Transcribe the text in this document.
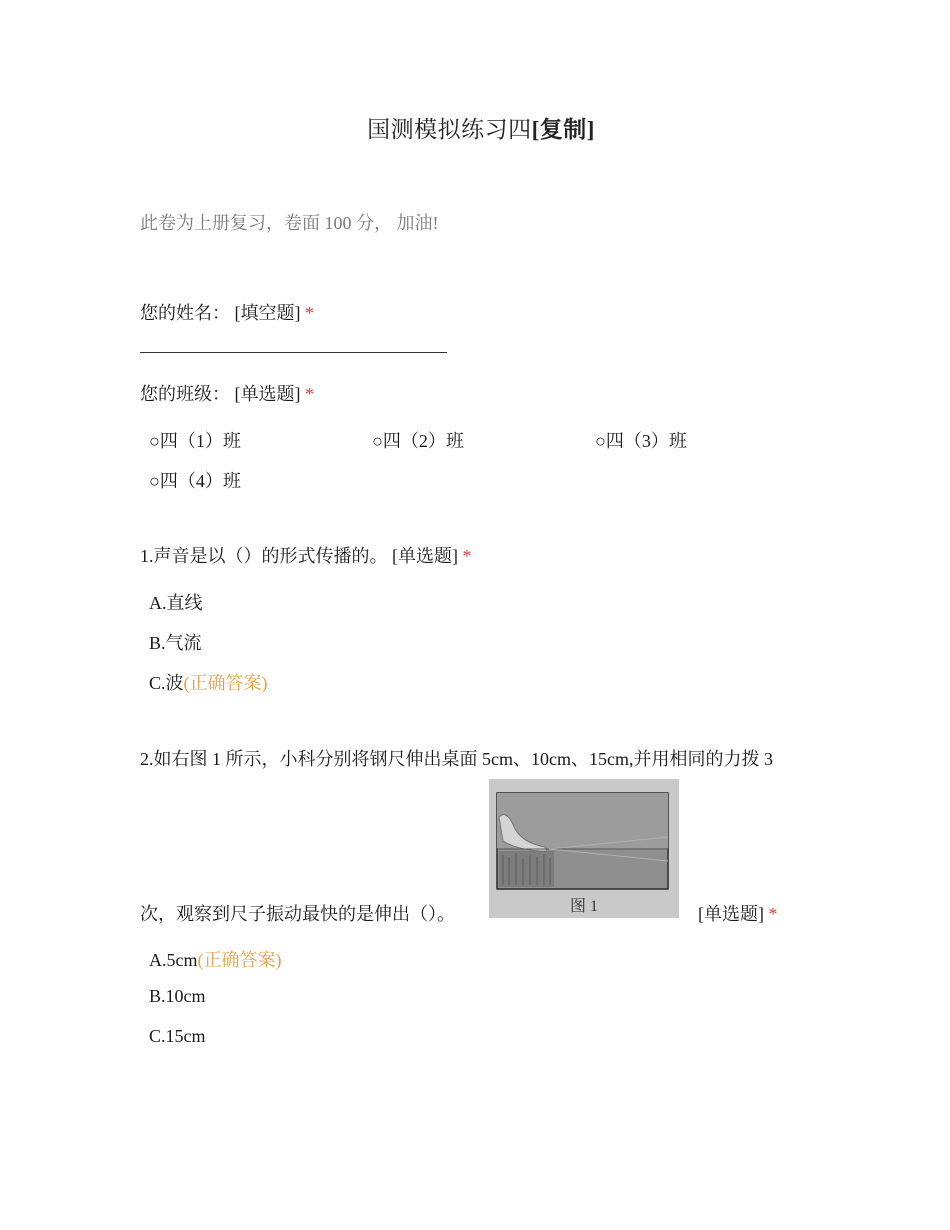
国测模拟练习四[复制]
此卷为上册复习，卷面 100 分， 加油!
您的姓名： [填空题] *
您的班级： [单选题] *
○四（1）班	○四（2）班	○四（3）班
○四（4）班
1.声音是以（）的形式传播的。 [单选题] *
A.直线
B.气流
C.波(正确答案)
2.如右图 1 所示，小科分别将钢尺伸出桌面 5cm、10cm、15cm,并用相同的力拨 3
图 1
次，观察到尺子振动最快的是伸出（）。	[单选题] *
A.5cm(正确答案)
B.10cm
C.15cm
